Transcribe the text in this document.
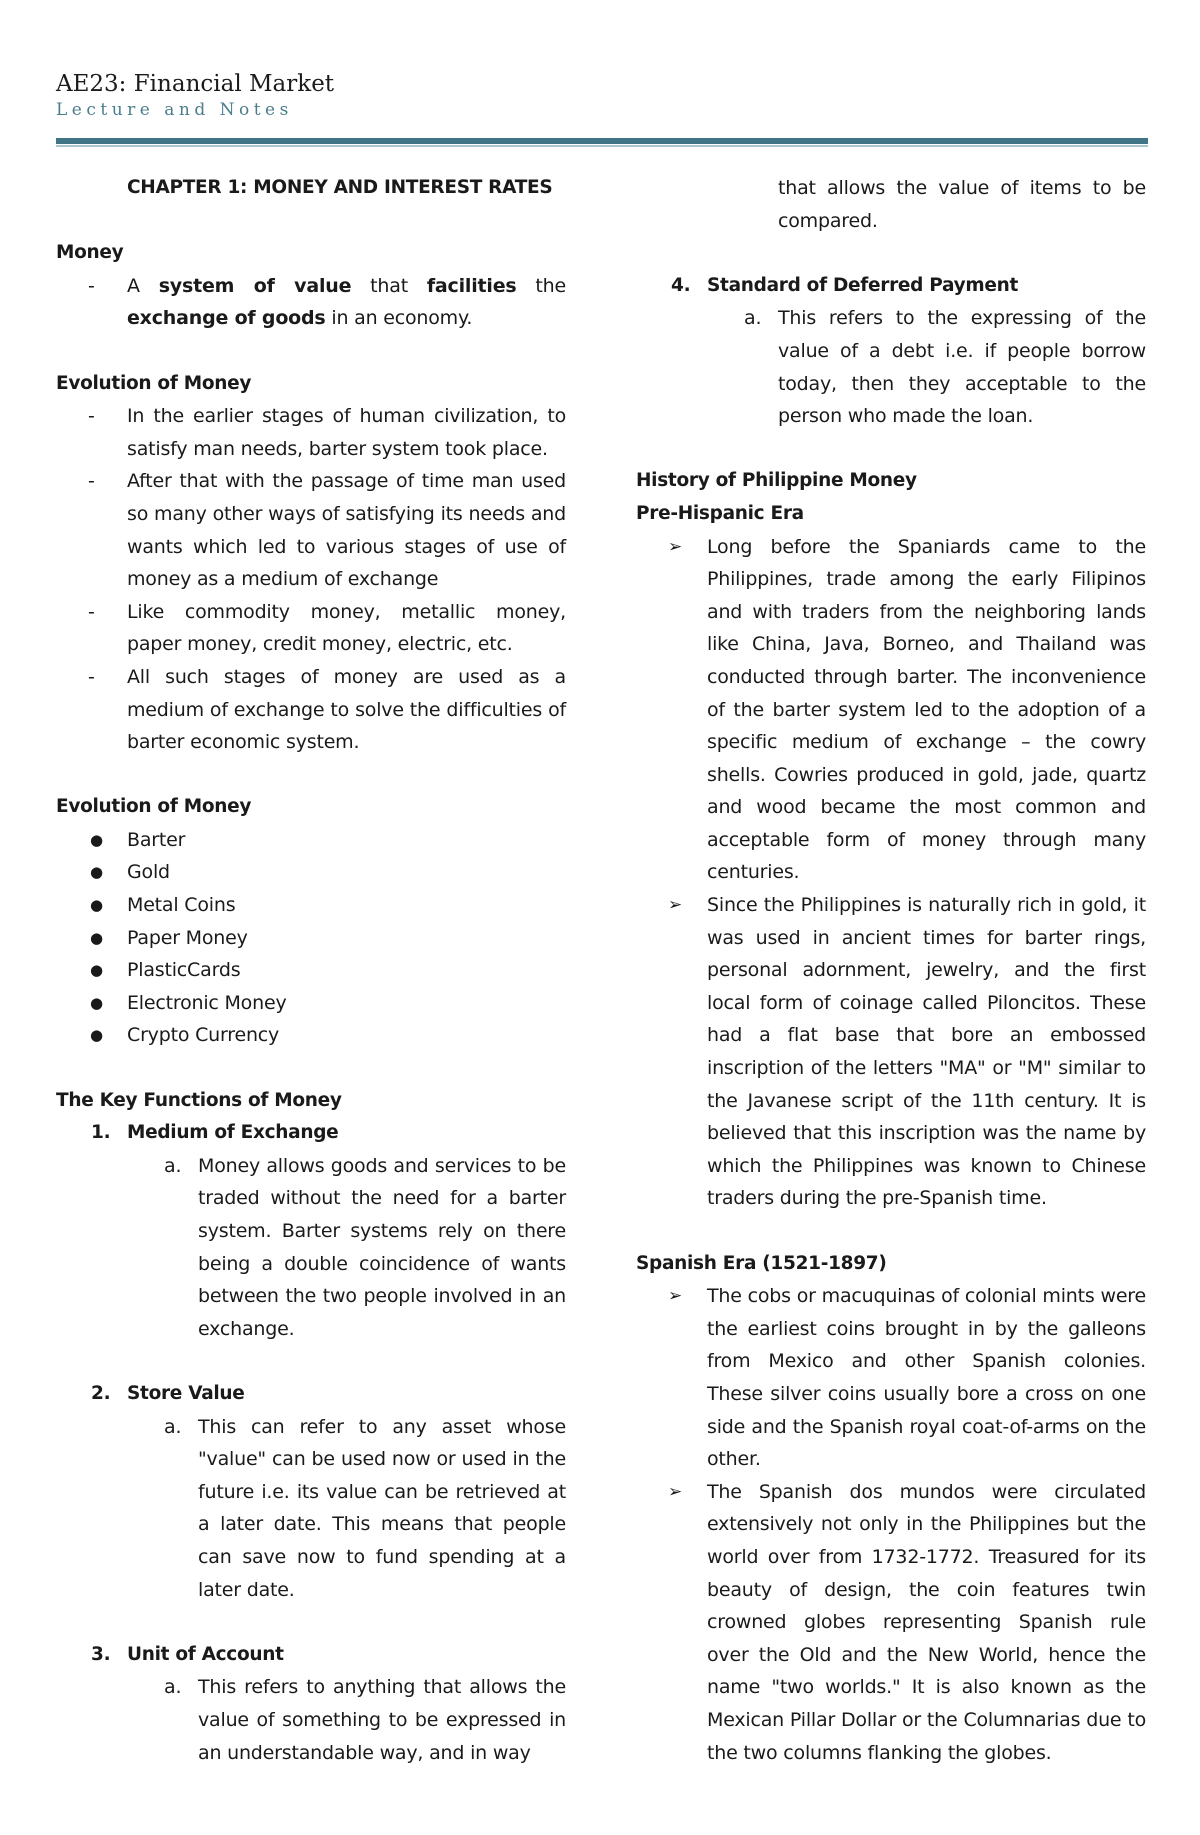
AE23: Financial Market
Lecture and Notes
CHAPTER 1: MONEY AND INTEREST RATES
Money
- A system of value that facilities the exchange of goods in an economy.
Evolution of Money
- In the earlier stages of human civilization, to satisfy man needs, barter system took place.
- After that with the passage of time man used so many other ways of satisfying its needs and wants which led to various stages of use of money as a medium of exchange
- Like commodity money, metallic money, paper money, credit money, electric, etc.
- All such stages of money are used as a medium of exchange to solve the difficulties of barter economic system.
Evolution of Money
● Barter
● Gold
● Metal Coins
● Paper Money
● PlasticCards
● Electronic Money
● Crypto Currency
The Key Functions of Money
1. Medium of Exchange
a. Money allows goods and services to be traded without the need for a barter system. Barter systems rely on there being a double coincidence of wants between the two people involved in an exchange.
2. Store Value
a. This can refer to any asset whose "value" can be used now or used in the future i.e. its value can be retrieved at a later date. This means that people can save now to fund spending at a later date.
3. Unit of Account
a. This refers to anything that allows the value of something to be expressed in an understandable way, and in way
that allows the value of items to be compared.
4. Standard of Deferred Payment
a. This refers to the expressing of the value of a debt i.e. if people borrow today, then they acceptable to the person who made the loan.
History of Philippine Money
Pre-Hispanic Era
➢ Long before the Spaniards came to the Philippines, trade among the early Filipinos and with traders from the neighboring lands like China, Java, Borneo, and Thailand was conducted through barter. The inconvenience of the barter system led to the adoption of a specific medium of exchange – the cowry shells. Cowries produced in gold, jade, quartz and wood became the most common and acceptable form of money through many centuries.
➢ Since the Philippines is naturally rich in gold, it was used in ancient times for barter rings, personal adornment, jewelry, and the first local form of coinage called Piloncitos. These had a flat base that bore an embossed inscription of the letters "MA" or "M" similar to the Javanese script of the 11th century. It is believed that this inscription was the name by which the Philippines was known to Chinese traders during the pre-Spanish time.
Spanish Era (1521-1897)
➢ The cobs or macuquinas of colonial mints were the earliest coins brought in by the galleons from Mexico and other Spanish colonies. These silver coins usually bore a cross on one side and the Spanish royal coat-of-arms on the other.
➢ The Spanish dos mundos were circulated extensively not only in the Philippines but the world over from 1732-1772. Treasured for its beauty of design, the coin features twin crowned globes representing Spanish rule over the Old and the New World, hence the name "two worlds." It is also known as the Mexican Pillar Dollar or the Columnarias due to the two columns flanking the globes.
